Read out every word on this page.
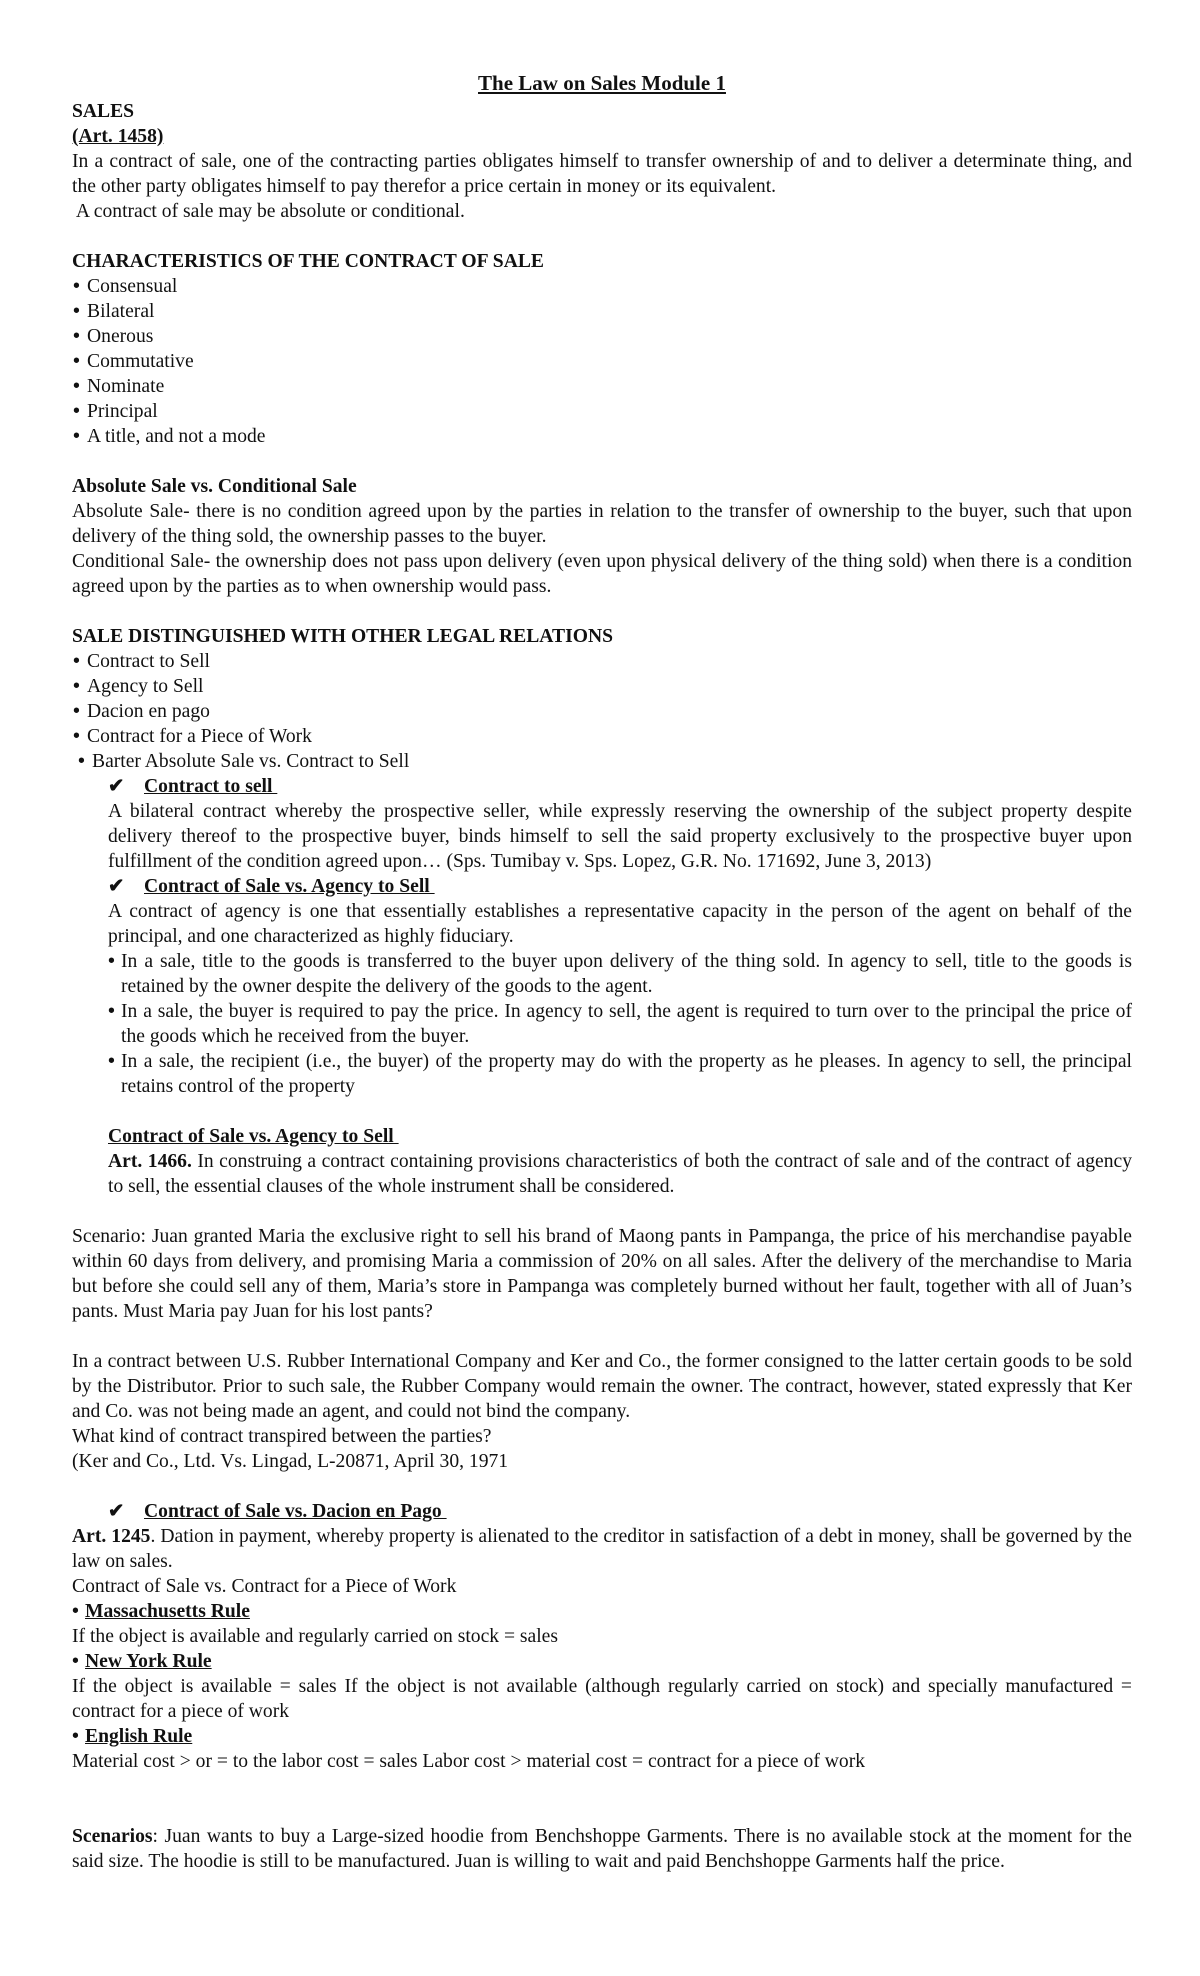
The Law on Sales Module 1
SALES
(Art. 1458)

In a contract of sale, one of the contracting parties obligates himself to transfer ownership of and to deliver a determinate thing, and the other party obligates himself to pay therefor a price certain in money or its equivalent.

A contract of sale may be absolute or conditional.

CHARACTERISTICS OF THE CONTRACT OF SALE
• Consensual
• Bilateral
• Onerous
• Commutative
• Nominate
• Principal
• A title, and not a mode
Absolute Sale vs. Conditional Sale

Absolute Sale- there is no condition agreed upon by the parties in relation to the transfer of ownership to the buyer, such that upon delivery of the thing sold, the ownership passes to the buyer.

Conditional Sale- the ownership does not pass upon delivery (even upon physical delivery of the thing sold) when there is a condition agreed upon by the parties as to when ownership would pass.

SALE DISTINGUISHED WITH OTHER LEGAL RELATIONS
• Contract to Sell
• Agency to Sell
• Dacion en pago
• Contract for a Piece of Work
• Barter Absolute Sale vs. Contract to Sell
✔ Contract to sell

A bilateral contract whereby the prospective seller, while expressly reserving the ownership of the subject property despite delivery thereof to the prospective buyer, binds himself to sell the said property exclusively to the prospective buyer upon fulfillment of the condition agreed upon… (Sps. Tumibay v. Sps. Lopez, G.R. No. 171692, June 3, 2013)

✔ Contract of Sale vs. Agency to Sell

A contract of agency is one that essentially establishes a representative capacity in the person of the agent on behalf of the principal, and one characterized as highly fiduciary.

• In a sale, title to the goods is transferred to the buyer upon delivery of the thing sold. In agency to sell, title to the goods is retained by the owner despite the delivery of the goods to the agent.

• In a sale, the buyer is required to pay the price. In agency to sell, the agent is required to turn over to the principal the price of the goods which he received from the buyer.

• In a sale, the recipient (i.e., the buyer) of the property may do with the property as he pleases. In agency to sell, the principal retains control of the property

Contract of Sale vs. Agency to Sell

Art. 1466. In construing a contract containing provisions characteristics of both the contract of sale and of the contract of agency to sell, the essential clauses of the whole instrument shall be considered.

Scenario: Juan granted Maria the exclusive right to sell his brand of Maong pants in Pampanga, the price of his merchandise payable within 60 days from delivery, and promising Maria a commission of 20% on all sales. After the delivery of the merchandise to Maria but before she could sell any of them, Maria’s store in Pampanga was completely burned without her fault, together with all of Juan’s pants. Must Maria pay Juan for his lost pants?

In a contract between U.S. Rubber International Company and Ker and Co., the former consigned to the latter certain goods to be sold by the Distributor. Prior to such sale, the Rubber Company would remain the owner. The contract, however, stated expressly that Ker and Co. was not being made an agent, and could not bind the company.

What kind of contract transpired between the parties?

(Ker and Co., Ltd. Vs. Lingad, L-20871, April 30, 1971

✔ Contract of Sale vs. Dacion en Pago

Art. 1245. Dation in payment, whereby property is alienated to the creditor in satisfaction of a debt in money, shall be governed by the law on sales.

Contract of Sale vs. Contract for a Piece of Work

• Massachusetts Rule

If the object is available and regularly carried on stock = sales

• New York Rule

If the object is available = sales If the object is not available (although regularly carried on stock) and specially manufactured = contract for a piece of work

• English Rule

Material cost > or = to the labor cost = sales Labor cost > material cost = contract for a piece of work

Scenarios: Juan wants to buy a Large-sized hoodie from Benchshoppe Garments. There is no available stock at the moment for the said size. The hoodie is still to be manufactured. Juan is willing to wait and paid Benchshoppe Garments half the price.
